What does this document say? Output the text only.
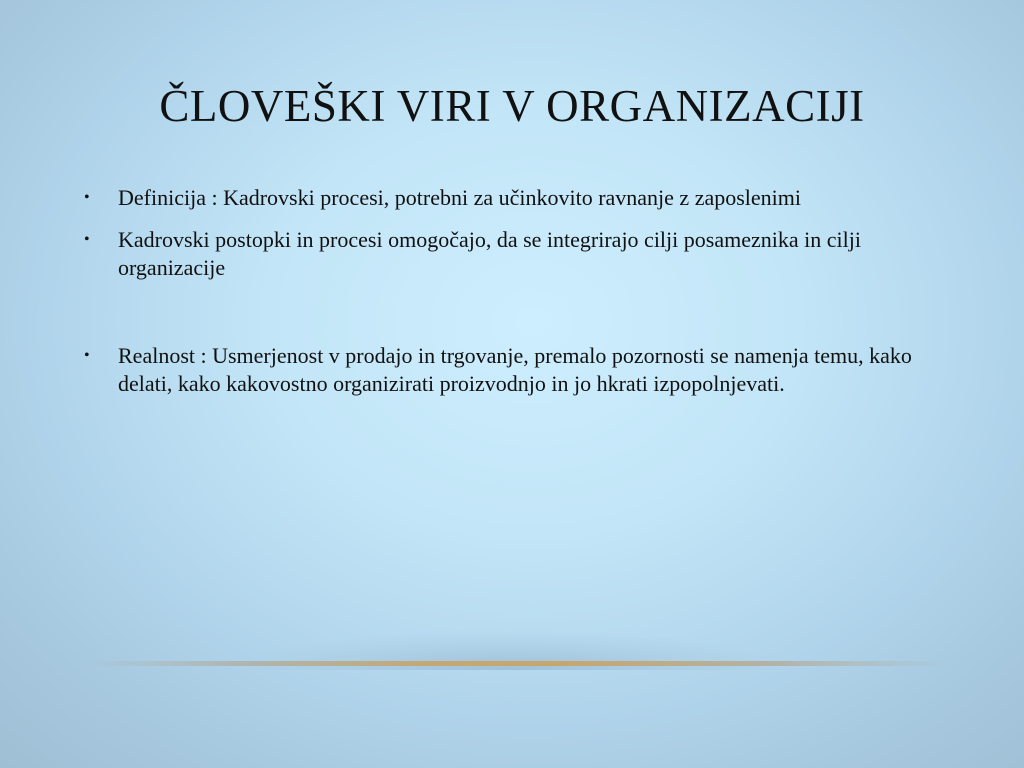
ČLOVEŠKI VIRI V ORGANIZACIJI
• Definicija : Kadrovski procesi, potrebni za učinkovito ravnanje z zaposlenimi
• Kadrovski postopki in procesi omogočajo, da se integrirajo cilji posameznika in cilji organizacije
• Realnost : Usmerjenost v prodajo in trgovanje, premalo pozornosti se namenja temu, kako delati, kako kakovostno organizirati proizvodnjo in jo hkrati izpopolnjevati.
